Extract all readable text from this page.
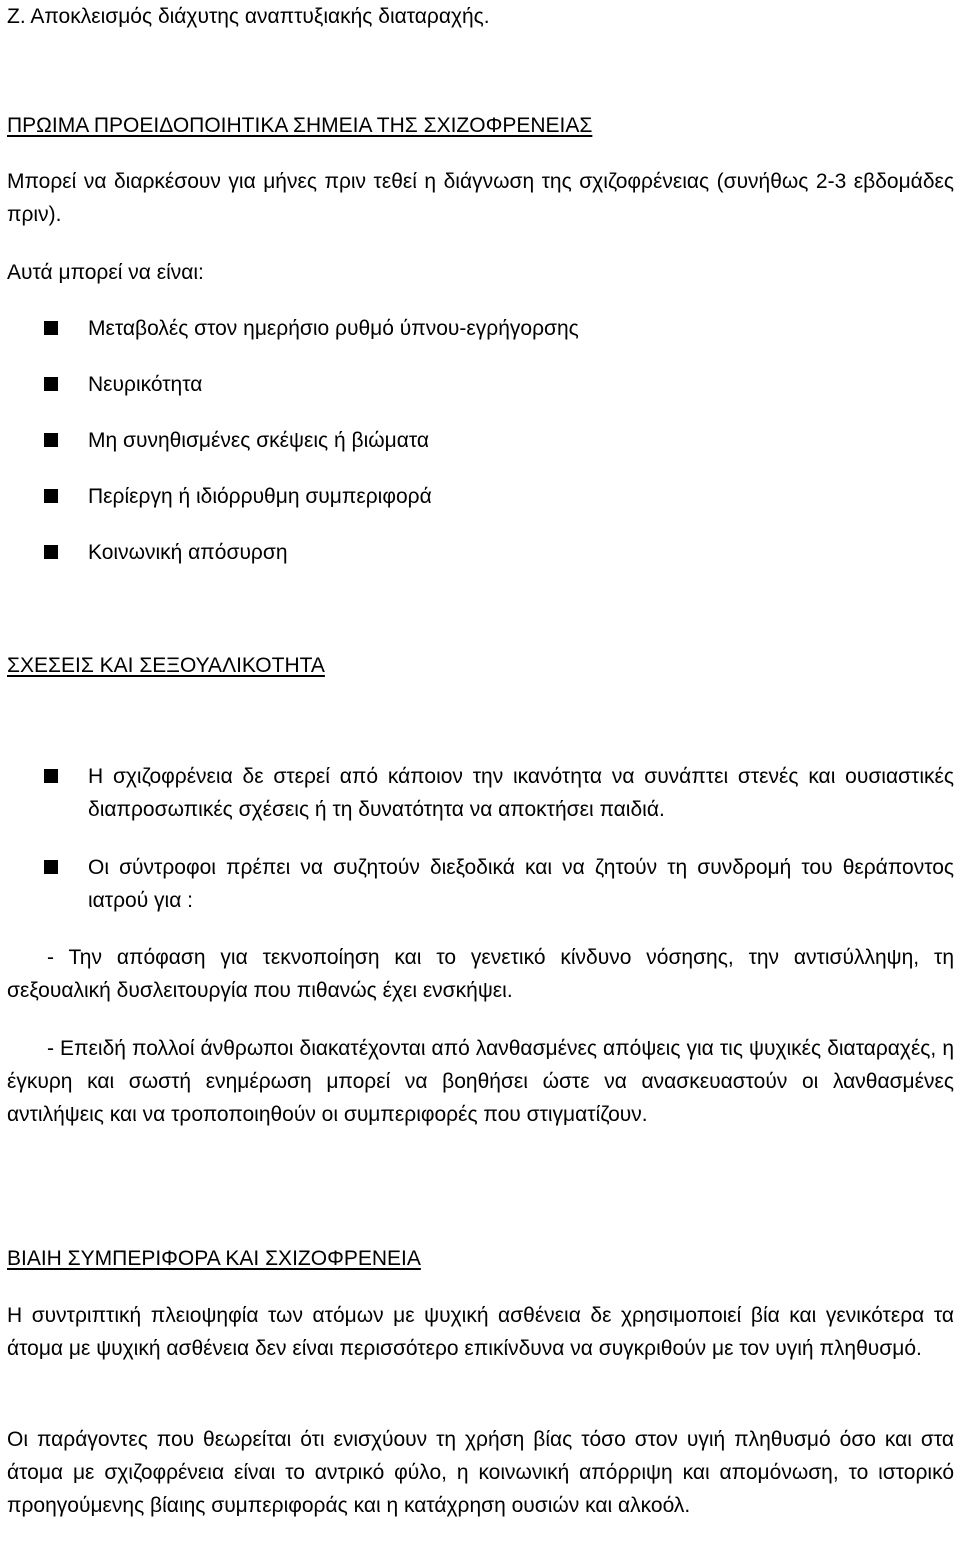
Ζ. Αποκλεισμός διάχυτης αναπτυξιακής διαταραχής.
ΠΡΩΙΜΑ ΠΡΟΕΙΔΟΠΟΙΗΤΙΚΑ ΣΗΜΕΙΑ ΤΗΣ ΣΧΙΖΟΦΡΕΝΕΙΑΣ
Μπορεί να διαρκέσουν για μήνες πριν τεθεί η διάγνωση της σχιζοφρένειας (συνήθως 2-3 εβδομάδες πριν).
Αυτά μπορεί να είναι:
Μεταβολές στον ημερήσιο ρυθμό ύπνου-εγρήγορσης
Νευρικότητα
Μη συνηθισμένες σκέψεις ή βιώματα
Περίεργη ή ιδιόρρυθμη συμπεριφορά
Κοινωνική απόσυρση
ΣΧΕΣΕΙΣ ΚΑΙ ΣΕΞΟΥΑΛΙΚΟΤΗΤΑ
Η σχιζοφρένεια δε στερεί από κάποιον την ικανότητα να συνάπτει στενές και ουσιαστικές διαπροσωπικές σχέσεις ή τη δυνατότητα να αποκτήσει παιδιά.
Οι σύντροφοι πρέπει να συζητούν διεξοδικά και να ζητούν τη συνδρομή του θεράποντος ιατρού για :
- Την απόφαση για τεκνοποίηση και το γενετικό κίνδυνο νόσησης, την αντισύλληψη, τη σεξουαλική δυσλειτουργία που πιθανώς έχει ενσκήψει.
- Επειδή πολλοί άνθρωποι διακατέχονται από λανθασμένες απόψεις για τις ψυχικές διαταραχές, η έγκυρη και σωστή ενημέρωση μπορεί να βοηθήσει ώστε να ανασκευαστούν οι λανθασμένες αντιλήψεις και να τροποποιηθούν οι συμπεριφορές που στιγματίζουν.
ΒΙΑΙΗ ΣΥΜΠΕΡΙΦΟΡΑ ΚΑΙ ΣΧΙΖΟΦΡΕΝΕΙΑ
Η συντριπτική πλειοψηφία των ατόμων με ψυχική ασθένεια δε χρησιμοποιεί βία και γενικότερα τα άτομα με ψυχική ασθένεια δεν είναι περισσότερο επικίνδυνα να συγκριθούν με τον υγιή πληθυσμό.
Οι παράγοντες που θεωρείται ότι ενισχύουν τη χρήση βίας τόσο στον υγιή πληθυσμό όσο και στα άτομα με σχιζοφρένεια είναι το αντρικό φύλο, η κοινωνική απόρριψη και απομόνωση, το ιστορικό προηγούμενης βίαιης συμπεριφοράς και η κατάχρηση ουσιών και αλκοόλ.
